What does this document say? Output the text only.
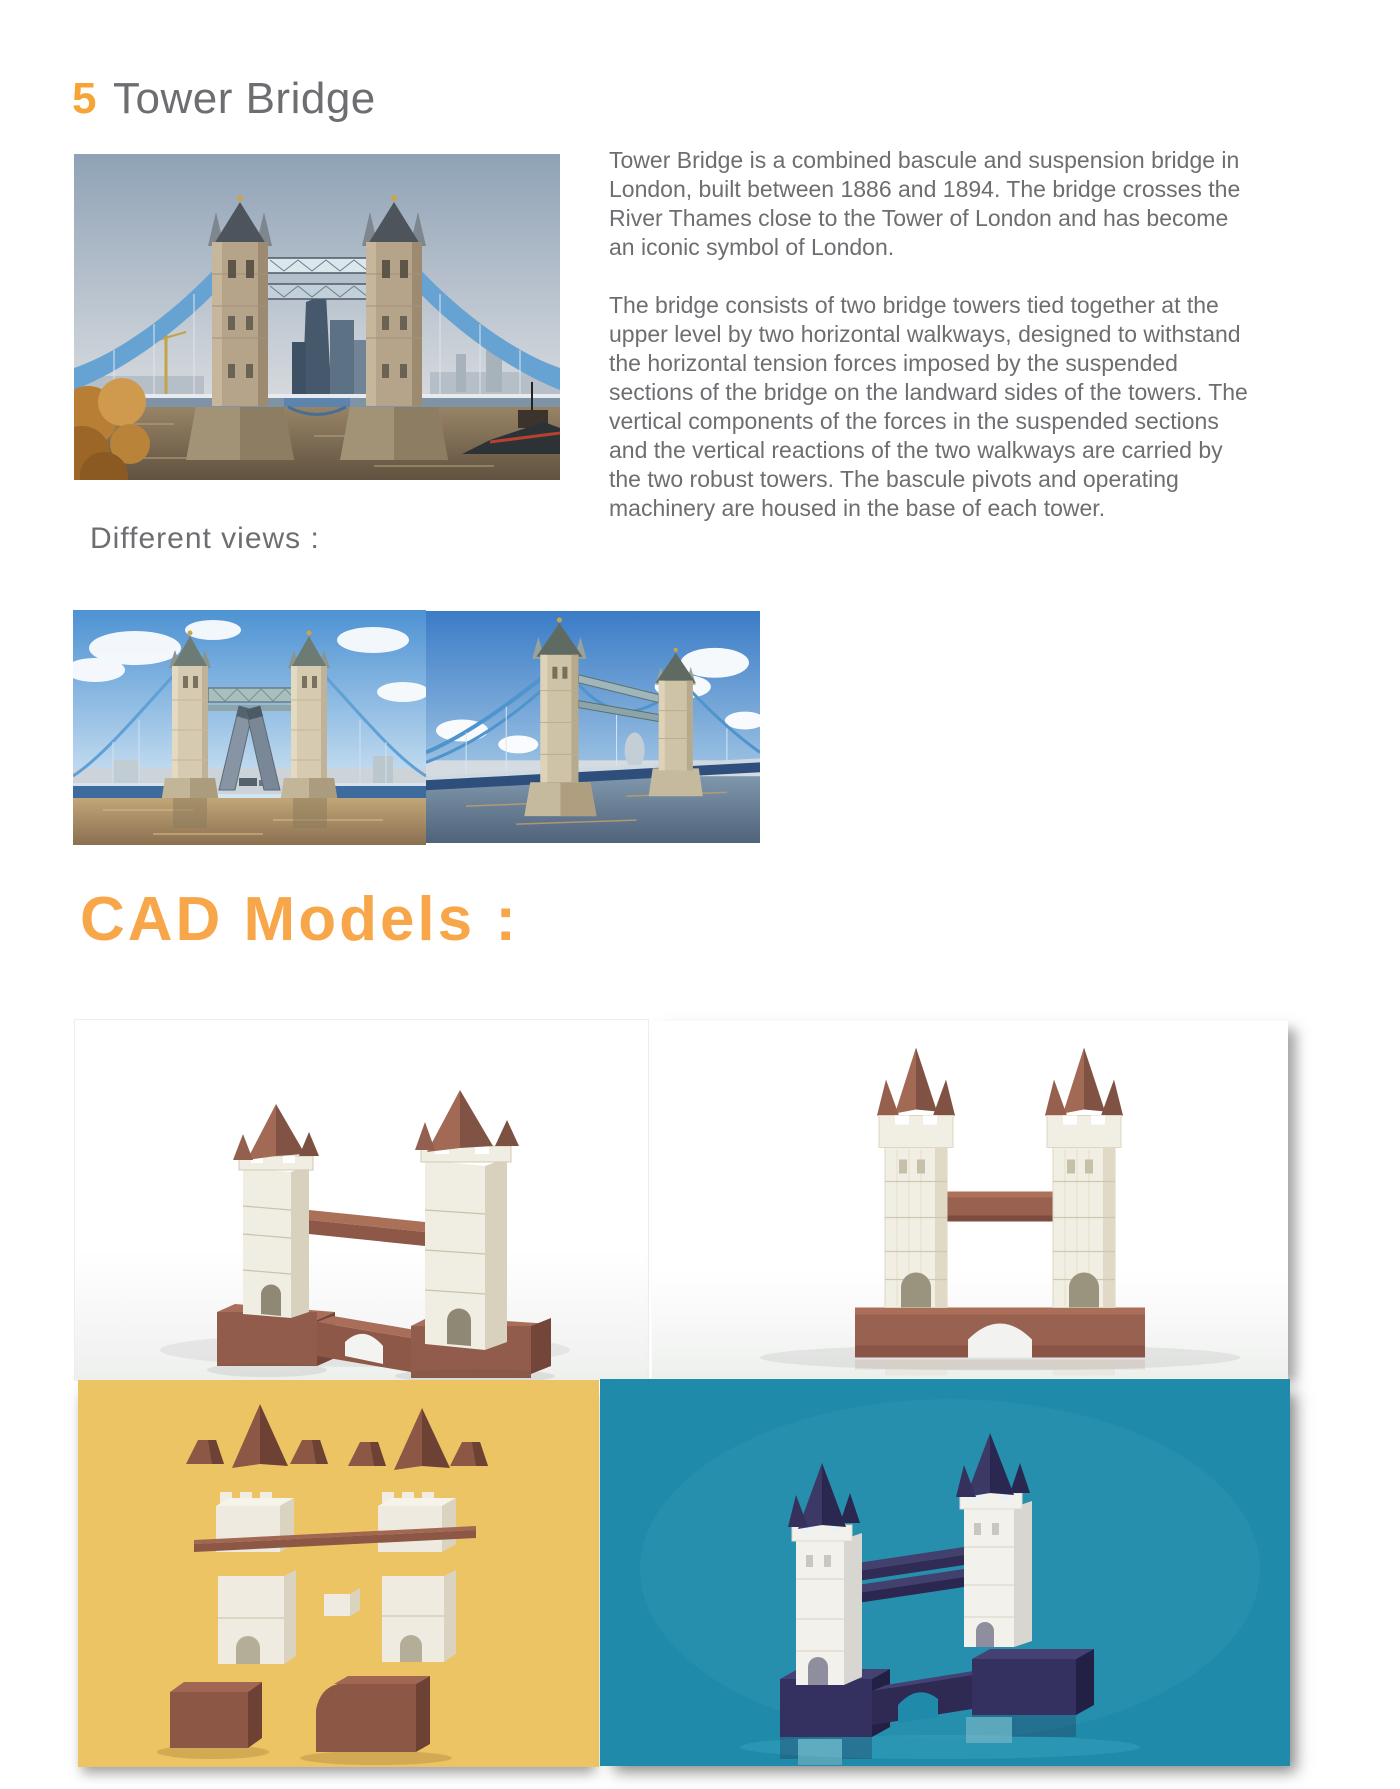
5 Tower Bridge

Tower Bridge is a combined bascule and suspension bridge in London, built between 1886 and 1894. The bridge crosses the River Thames close to the Tower of London and has become an iconic symbol of London.

The bridge consists of two bridge towers tied together at the upper level by two horizontal walkways, designed to withstand the horizontal tension forces imposed by the suspended sections of the bridge on the landward sides of the towers. The vertical components of the forces in the suspended sections and the vertical reactions of the two walkways are carried by the two robust towers. The bascule pivots and operating machinery are housed in the base of each tower.

Different views :
CAD Models :
